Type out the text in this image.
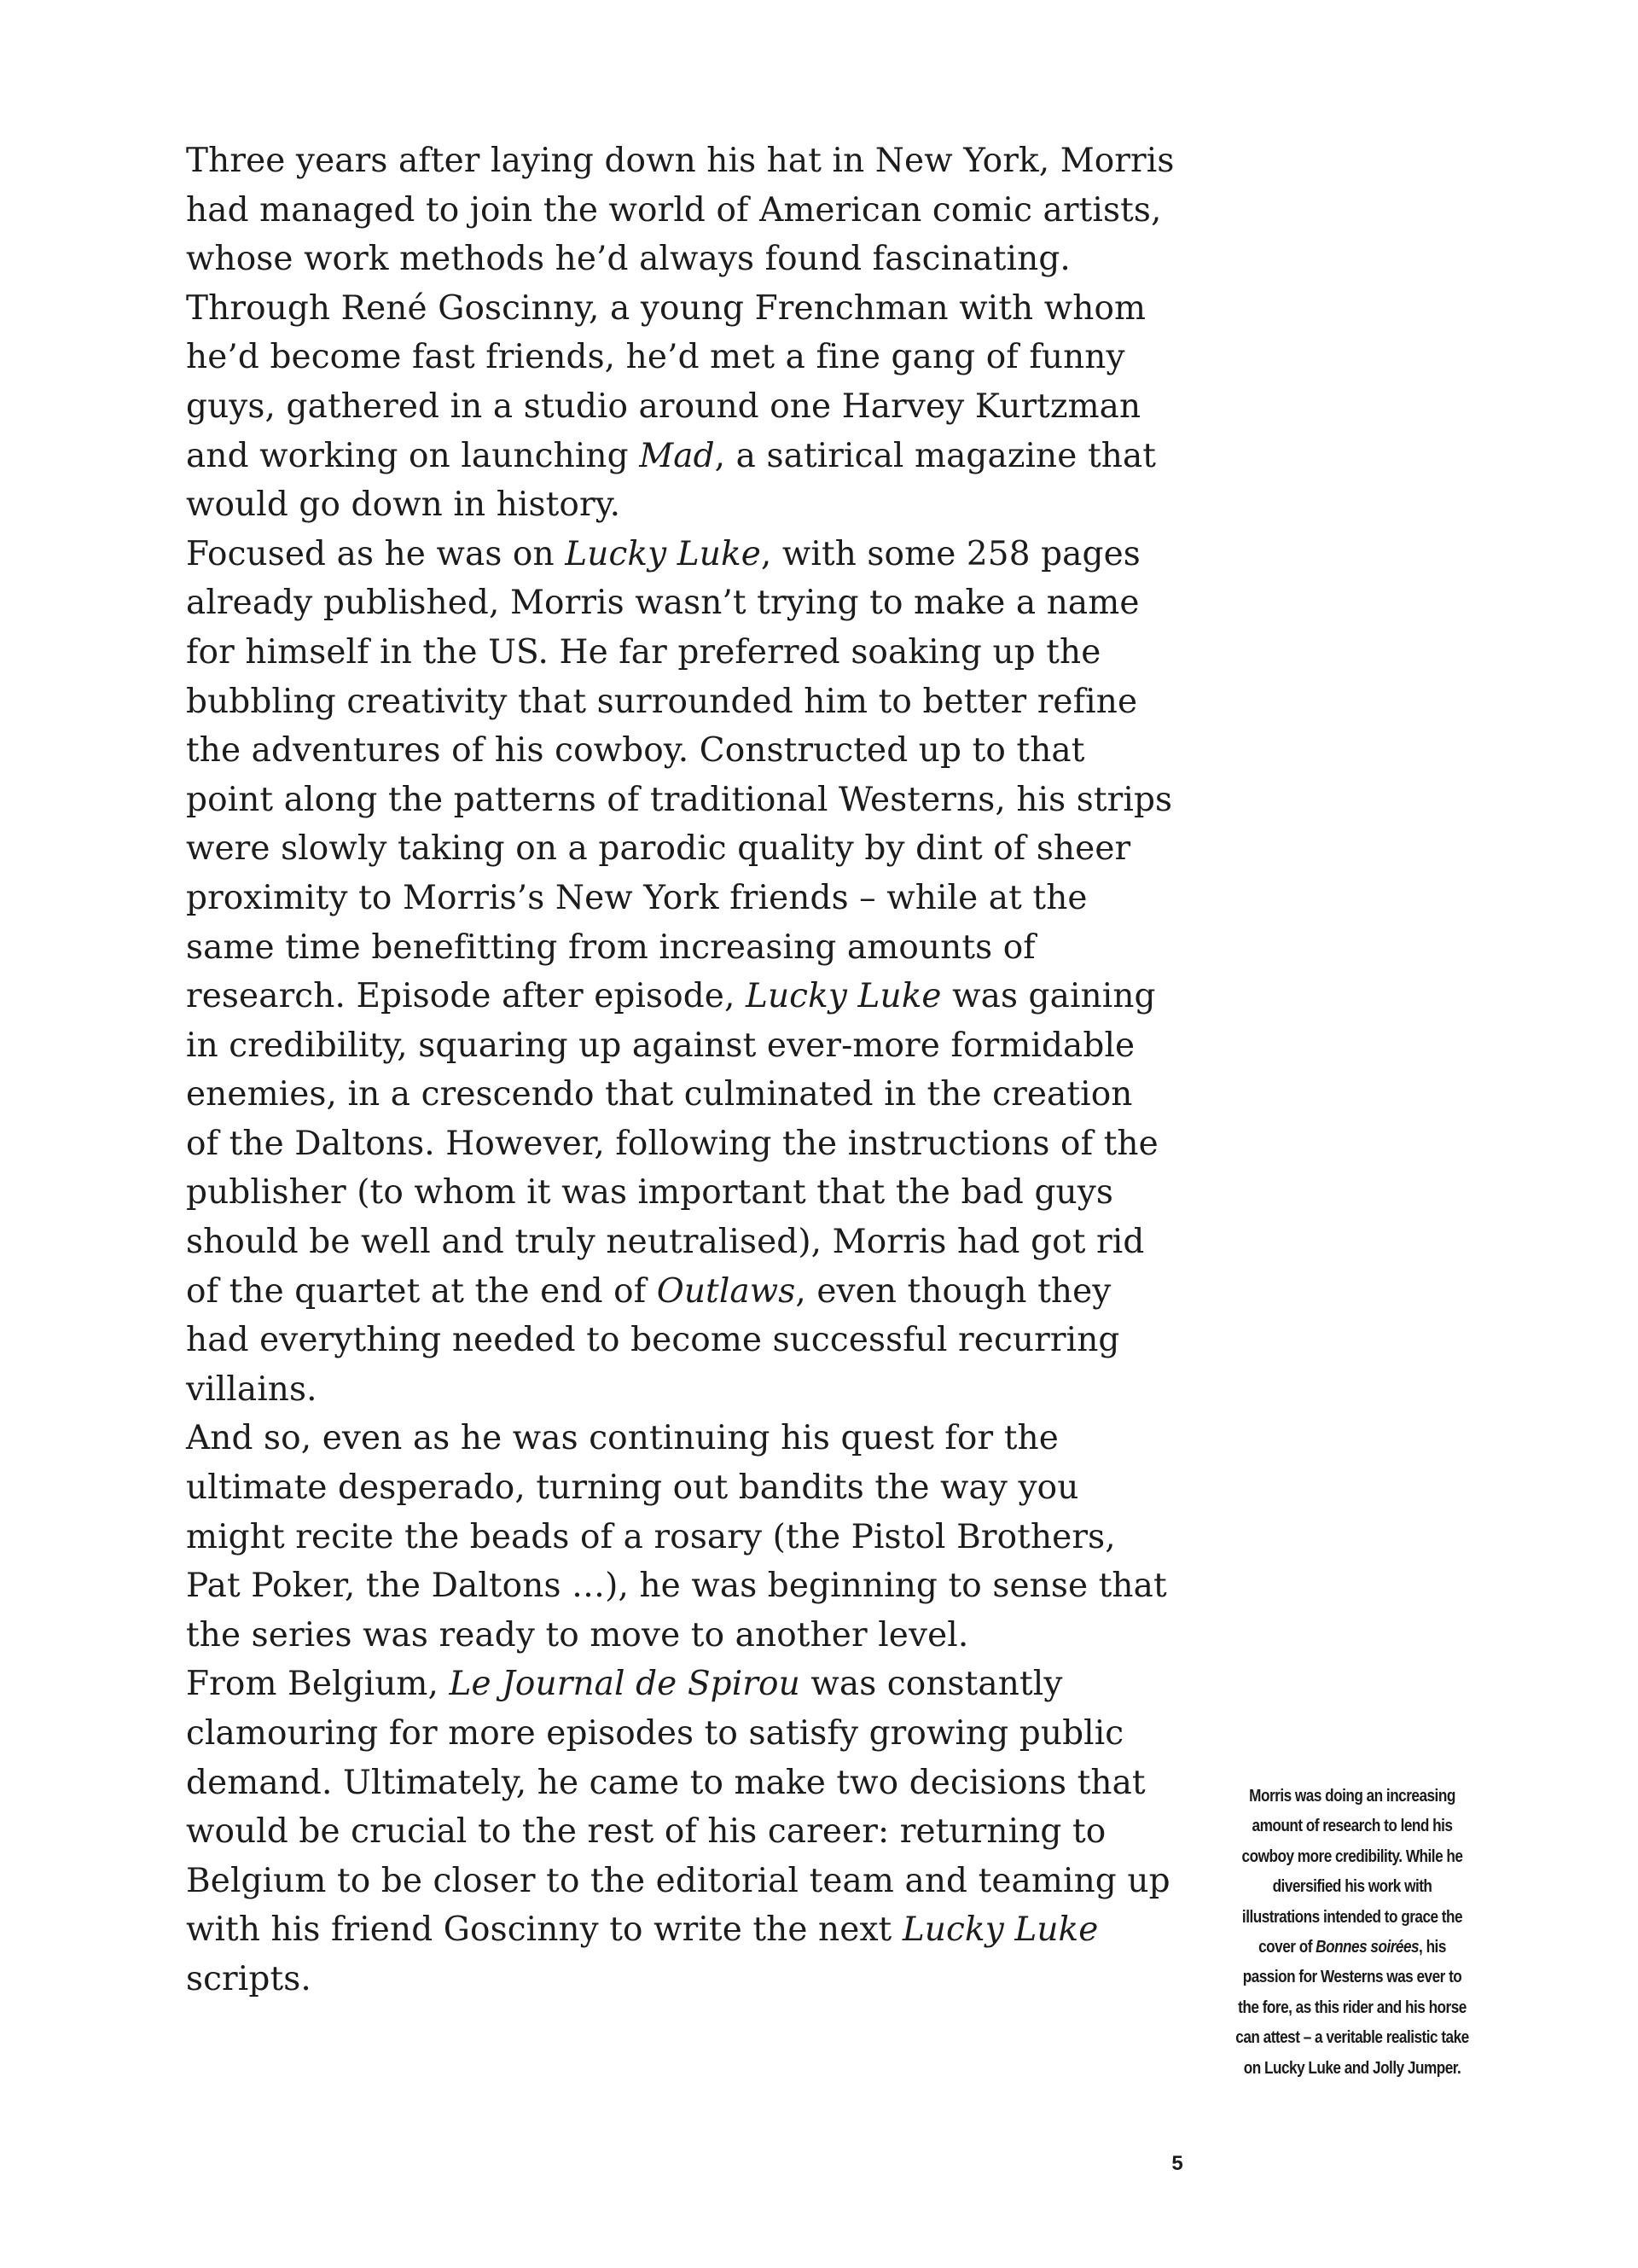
Three years after laying down his hat in New York, Morris had managed to join the world of American comic artists, whose work methods he’d always found fascinating. Through René Goscinny, a young Frenchman with whom he’d become fast friends, he’d met a fine gang of funny guys, gathered in a studio around one Harvey Kurtzman and working on launching Mad, a satirical magazine that would go down in history.

Focused as he was on Lucky Luke, with some 258 pages already published, Morris wasn’t trying to make a name for himself in the US. He far preferred soaking up the bubbling creativity that surrounded him to better refine the adventures of his cowboy. Constructed up to that point along the patterns of traditional Westerns, his strips were slowly taking on a parodic quality by dint of sheer proximity to Morris’s New York friends – while at the same time benefitting from increasing amounts of research. Episode after episode, Lucky Luke was gaining in credibility, squaring up against ever-more formidable enemies, in a crescendo that culminated in the creation of the Daltons. However, following the instructions of the publisher (to whom it was important that the bad guys should be well and truly neutralised), Morris had got rid of the quartet at the end of Outlaws, even though they had everything needed to become successful recurring villains.

And so, even as he was continuing his quest for the ultimate desperado, turning out bandits the way you might recite the beads of a rosary (the Pistol Brothers, Pat Poker, the Daltons …), he was beginning to sense that the series was ready to move to another level.

From Belgium, Le Journal de Spirou was constantly clamouring for more episodes to satisfy growing public demand. Ultimately, he came to make two decisions that would be crucial to the rest of his career: returning to Belgium to be closer to the editorial team and teaming up with his friend Goscinny to write the next Lucky Luke scripts.

Morris was doing an increasing amount of research to lend his cowboy more credibility. While he diversified his work with illustrations intended to grace the cover of Bonnes soirées, his passion for Westerns was ever to the fore, as this rider and his horse can attest – a veritable realistic take on Lucky Luke and Jolly Jumper.
5
